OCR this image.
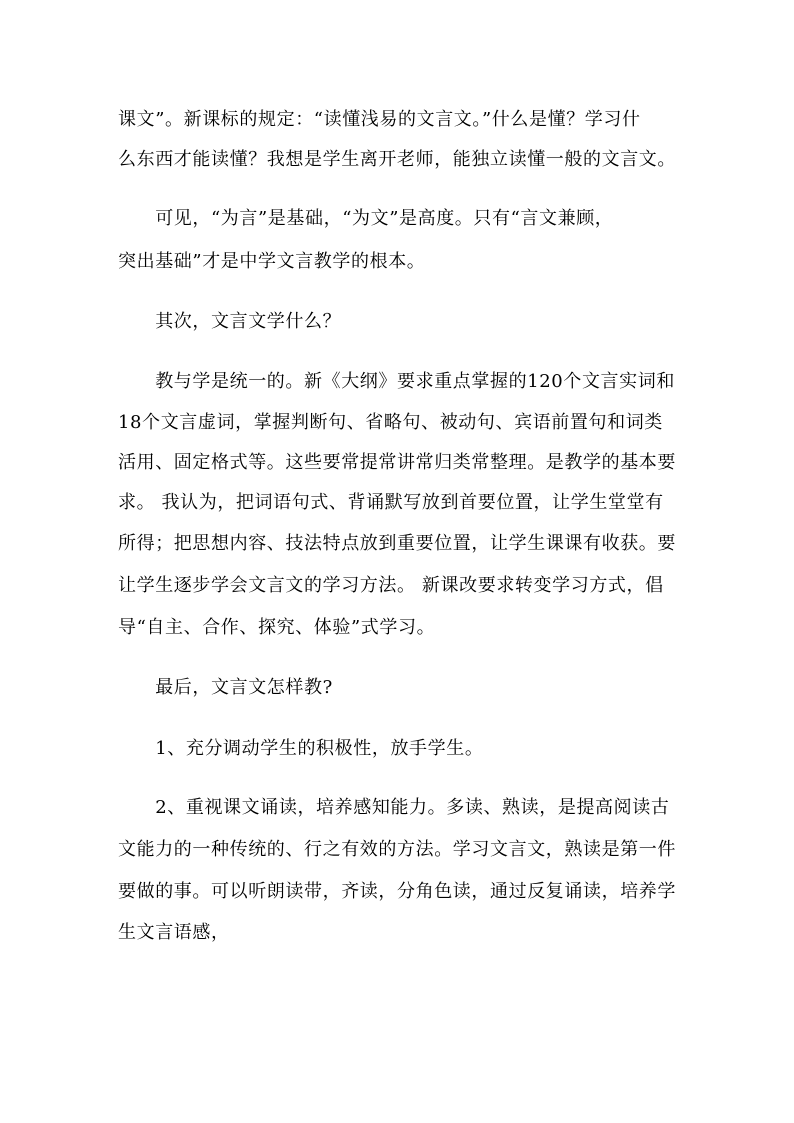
课文”。新课标的规定：“读懂浅易的文言文。”什么是懂？学习什
么东西才能读懂？我想是学生离开老师，能独立读懂一般的文言文。
　　可见，“为言”是基础，“为文”是高度。只有“言文兼顾，
突出基础”才是中学文言教学的根本。
　　其次，文言文学什么？
　　教与学是统一的。新《大纲》要求重点掌握的120个文言实词和
18个文言虚词，掌握判断句、省略句、被动句、宾语前置句和词类
活用、固定格式等。这些要常提常讲常归类常整理。是教学的基本要
求。 我认为，把词语句式、背诵默写放到首要位置，让学生堂堂有
所得；把思想内容、技法特点放到重要位置，让学生课课有收获。要
让学生逐步学会文言文的学习方法。 新课改要求转变学习方式，倡
导“自主、合作、探究、体验”式学习。
　　最后，文言文怎样教?
　　1、充分调动学生的积极性，放手学生。
　　2、重视课文诵读，培养感知能力。多读、熟读，是提高阅读古
文能力的一种传统的、行之有效的方法。学习文言文，熟读是第一件
要做的事。可以听朗读带，齐读，分角色读，通过反复诵读，培养学
生文言语感，
